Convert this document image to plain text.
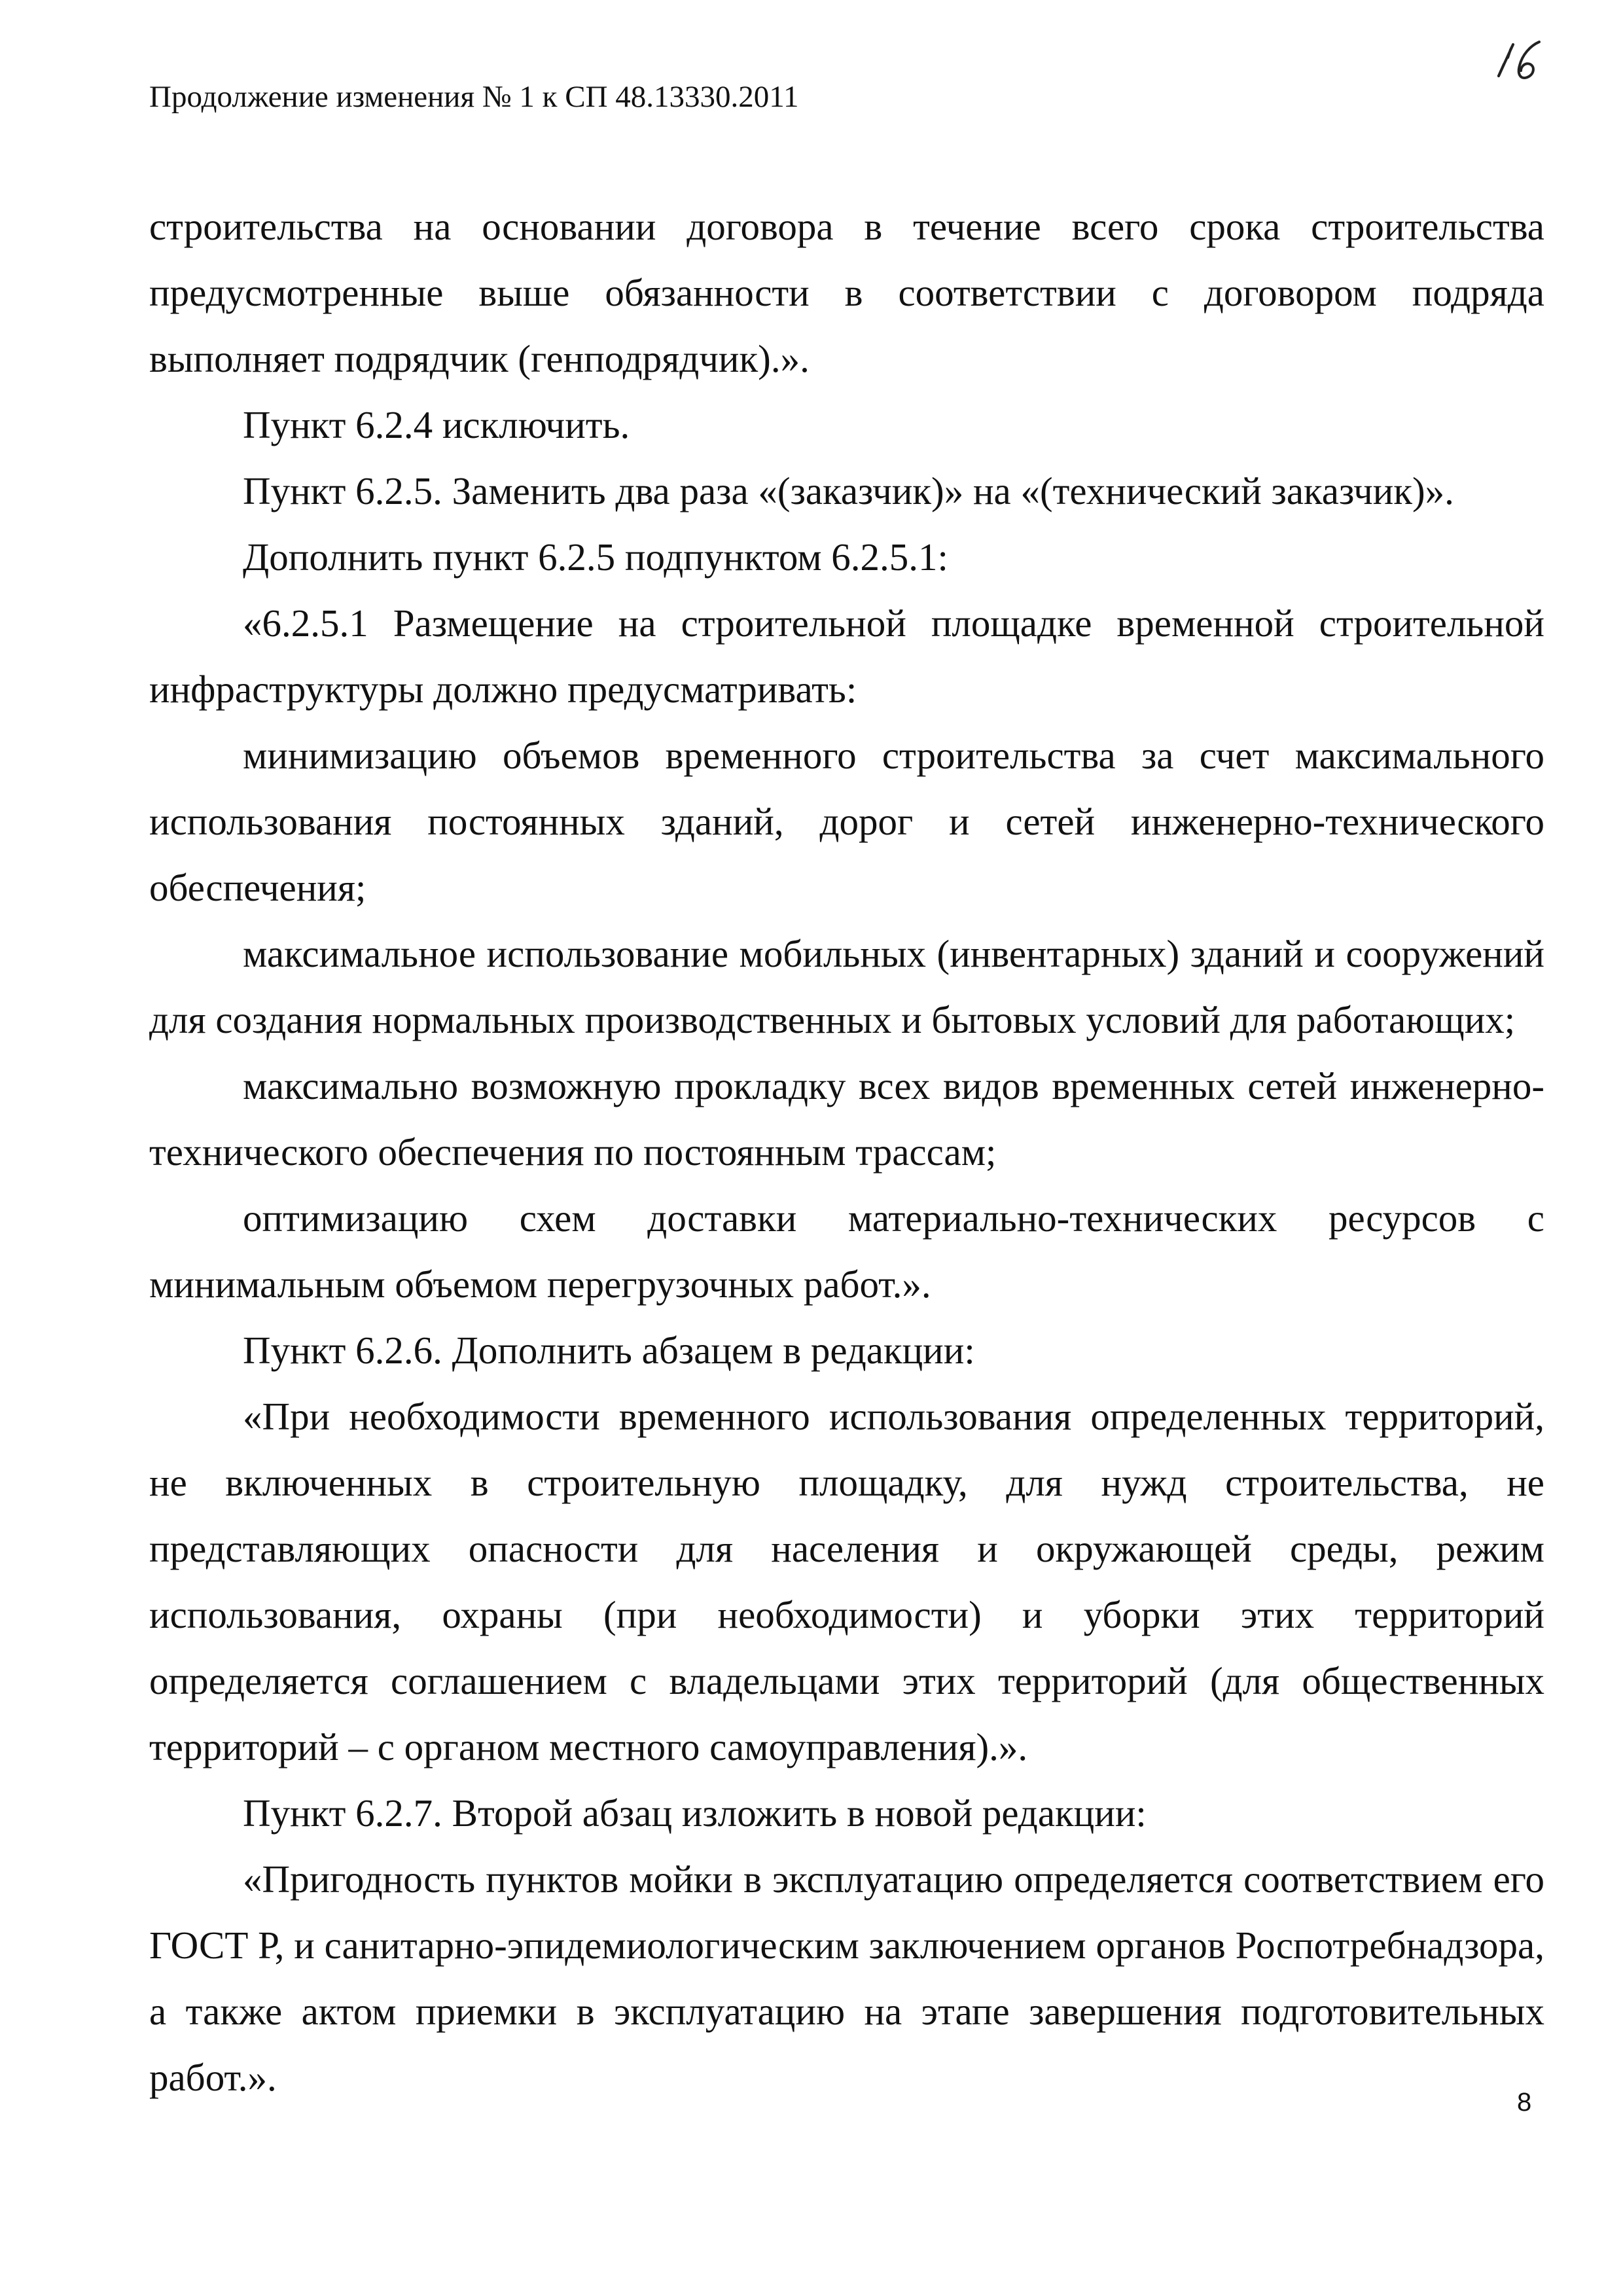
Продолжение изменения № 1 к СП 48.13330.2011

строительства на основании договора в течение всего срока строительства предусмотренные выше обязанности в соответствии с договором подряда выполняет подрядчик (генподрядчик).».

Пункт 6.2.4 исключить.

Пункт 6.2.5. Заменить два раза «(заказчик)» на «(технический заказчик)».

Дополнить пункт 6.2.5 подпунктом 6.2.5.1:

«6.2.5.1 Размещение на строительной площадке временной строительной инфраструктуры должно предусматривать:

минимизацию объемов временного строительства за счет максимального использования постоянных зданий, дорог и сетей инженерно-технического обеспечения;

максимальное использование мобильных (инвентарных) зданий и сооружений для создания нормальных производственных и бытовых условий для работающих;

максимально возможную прокладку всех видов временных сетей инженерно-технического обеспечения по постоянным трассам;

оптимизацию схем доставки материально-технических ресурсов с минимальным объемом перегрузочных работ.».

Пункт 6.2.6. Дополнить абзацем в редакции:

«При необходимости временного использования определенных территорий, не включенных в строительную площадку, для нужд строительства, не представляющих опасности для населения и окружающей среды, режим использования, охраны (при необходимости) и уборки этих территорий определяется соглашением с владельцами этих территорий (для общественных территорий – с органом местного самоуправления).».

Пункт 6.2.7. Второй абзац изложить в новой редакции:

«Пригодность пунктов мойки в эксплуатацию определяется соответствием его ГОСТ Р, и санитарно-эпидемиологическим заключением органов Роспотребнадзора, а также актом приемки в эксплуатацию на этапе завершения подготовительных работ.».

8
